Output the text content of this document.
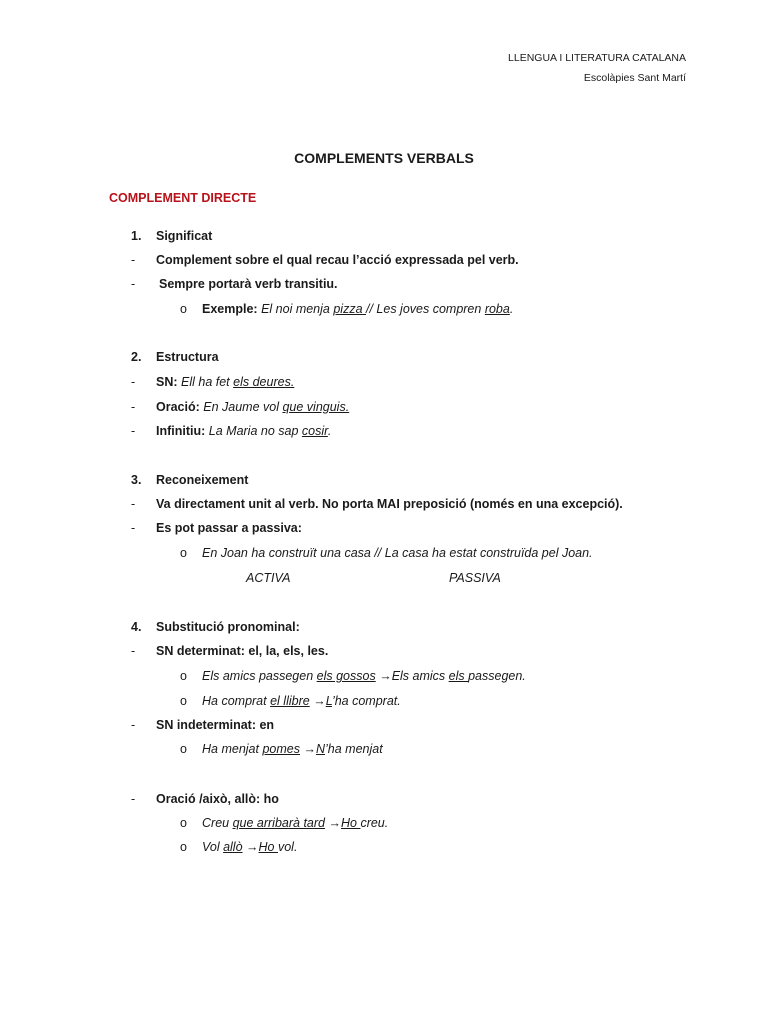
LLENGUA I LITERATURA CATALANA
Escolàpies Sant Martí
COMPLEMENTS VERBALS
COMPLEMENT DIRECTE
1. Significat
- Complement sobre el qual recau l’acció expressada pel verb.
- Sempre portarà verb transitiu.
o Exemple: El noi menja pizza // Les joves compren roba.
2. Estructura
- SN: Ell ha fet els deures.
- Oració: En Jaume vol que vinguis.
- Infinitiu: La Maria no sap cosir.
3. Reconeixement
- Va directament unit al verb. No porta MAI preposició (només en una excepció).
- Es pot passar a passiva:
o En Joan ha construït una casa // La casa ha estat construïda pel Joan.
ACTIVA	PASSIVA
4. Substitució pronominal:
- SN determinat: el, la, els, les.
o Els amics passegen els gossos →Els amics els passegen.
o Ha comprat el llibre →L’ha comprat.
- SN indeterminat: en
o Ha menjat pomes →N’ha menjat
- Oració /això, allò: ho
o Creu que arribarà tard →Ho creu.
o Vol allò →Ho vol.
